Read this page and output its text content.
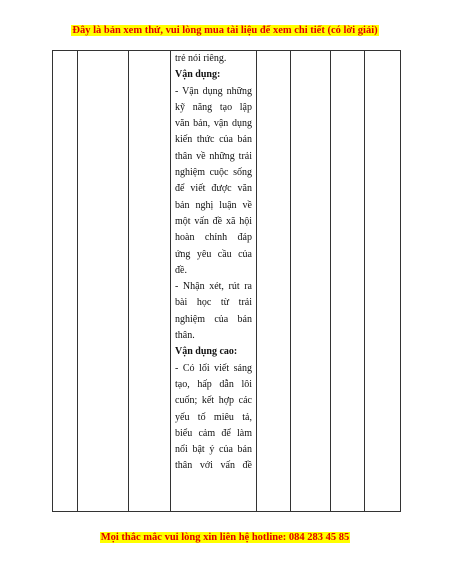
Đây là bản xem thử, vui lòng mua tài liệu để xem chi tiết (có lời giải)

trẻ nói riêng.
Vận dụng:
- Vận dụng những
kỹ năng tạo lập
văn bản, vận dụng
kiến thức của bản
thân về những trải
nghiệm cuộc sống
để viết được văn
bản nghị luận về
một vấn đề xã hội
hoàn chỉnh đáp
ứng yêu cầu của
đề.
- Nhận xét, rút ra
bài học từ trải
nghiệm của bản
thân.
Vận dụng cao:
- Có lối viết sáng
tạo, hấp dẫn lôi
cuốn; kết hợp các
yếu tố miêu tả,
biểu cảm để làm
nổi bật ý của bản
thân với vấn đề

Mọi thắc mắc vui lòng xin liên hệ hotline: 084 283 45 85
